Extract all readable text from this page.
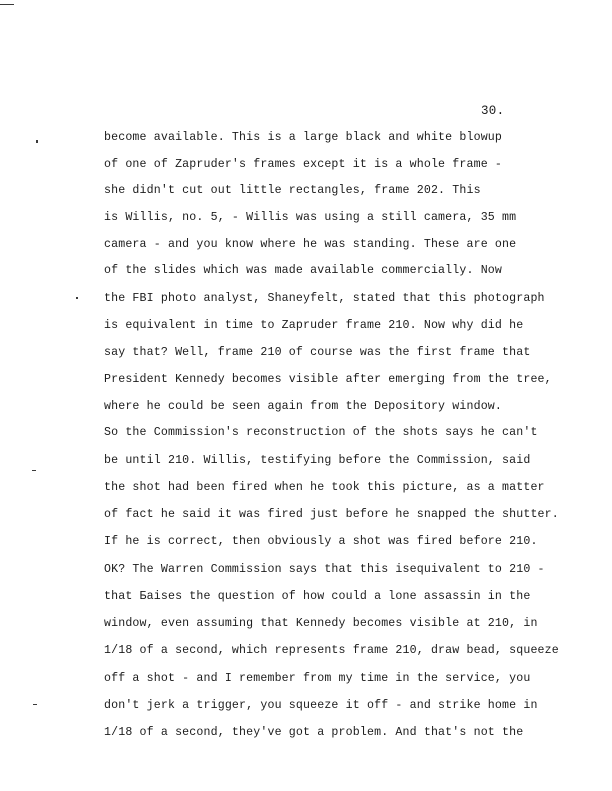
30.
become available. This is a large black and white blowup
of one of Zapruder's frames except it is a whole frame -
she didn't cut out little rectangles, frame 202. This
is Willis, no. 5, - Willis was using a still camera, 35 mm
camera - and you know where he was standing. These are one
of the slides which was made available commercially. Now
the FBI photo analyst, Shaneyfelt, stated that this photograph
is equivalent in time to Zapruder frame 210. Now why did he
say that? Well, frame 210 of course was the first frame that
President Kennedy becomes visible after emerging from the tree,
where he could be seen again from the Depository window.
So the Commission's reconstruction of the shots says he can't
be until 210. Willis, testifying before the Commission, said
the shot had been fired when he took this picture, as a matter
of fact he said it was fired just before he snapped the shutter.
If he is correct, then obviously a shot was fired before 210.
OK? The Warren Commission says that this isequivalent to 210 -
that Бaises the question of how could a lone assassin in the
window, even assuming that Kennedy becomes visible at 210, in
1/18 of a second, which represents frame 210, draw bead, squeeze
off a shot - and I remember from my time in the service, you
don't jerk a trigger, you squeeze it off - and strike home in
1/18 of a second, they've got a problem. And that's not the
